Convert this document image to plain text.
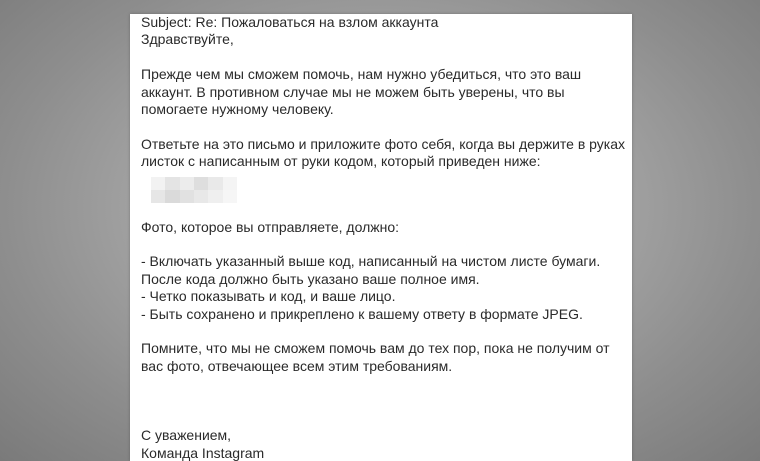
Subject: Re: Пожаловаться на взлом аккаунта
Здравствуйте,
Прежде чем мы сможем помочь, нам нужно убедиться, что это ваш
аккаунт. В противном случае мы не можем быть уверены, что вы
помогаете нужному человеку.
Ответьте на это письмо и приложите фото себя, когда вы держите в руках
листок с написанным от руки кодом, который приведен ниже:
Фото, которое вы отправляете, должно:
- Включать указанный выше код, написанный на чистом листе бумаги.
После кода должно быть указано ваше полное имя.
- Четко показывать и код, и ваше лицо.
- Быть сохранено и прикреплено к вашему ответу в формате JPEG.
Помните, что мы не сможем помочь вам до тех пор, пока не получим от
вас фото, отвечающее всем этим требованиям.
С уважением,
Команда Instagram
